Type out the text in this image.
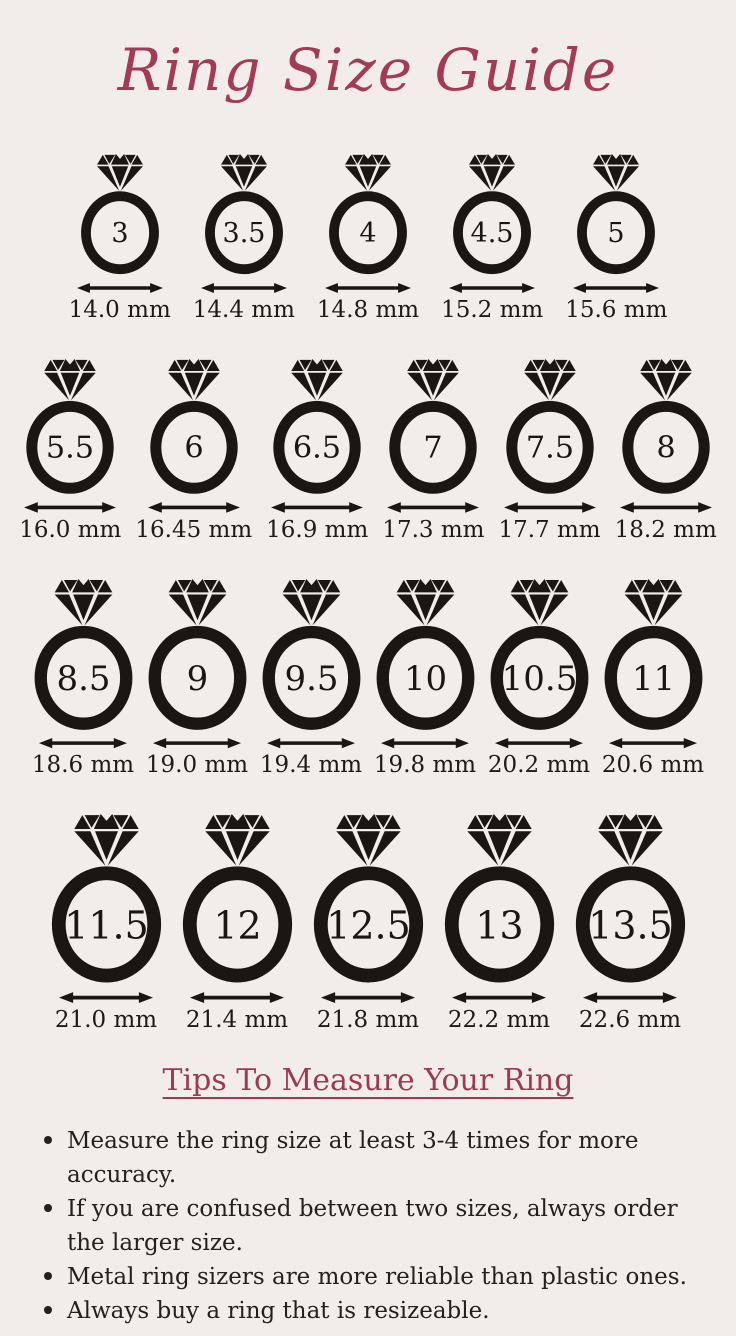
Ring Size Guide
3
14.0 mm
3.5
14.4 mm
4
14.8 mm
4.5
15.2 mm
5
15.6 mm
5.5
16.0 mm
6
16.45 mm
6.5
16.9 mm
7
17.3 mm
7.5
17.7 mm
8
18.2 mm
8.5
18.6 mm
9
19.0 mm
9.5
19.4 mm
10
19.8 mm
10.5
20.2 mm
11
20.6 mm
11.5
21.0 mm
12
21.4 mm
12.5
21.8 mm
13
22.2 mm
13.5
22.6 mm
Tips To Measure Your Ring
Measure the ring size at least 3-4 times for more accuracy.
If you are confused between two sizes, always order the larger size.
Metal ring sizers are more reliable than plastic ones.
Always buy a ring that is resizeable.
